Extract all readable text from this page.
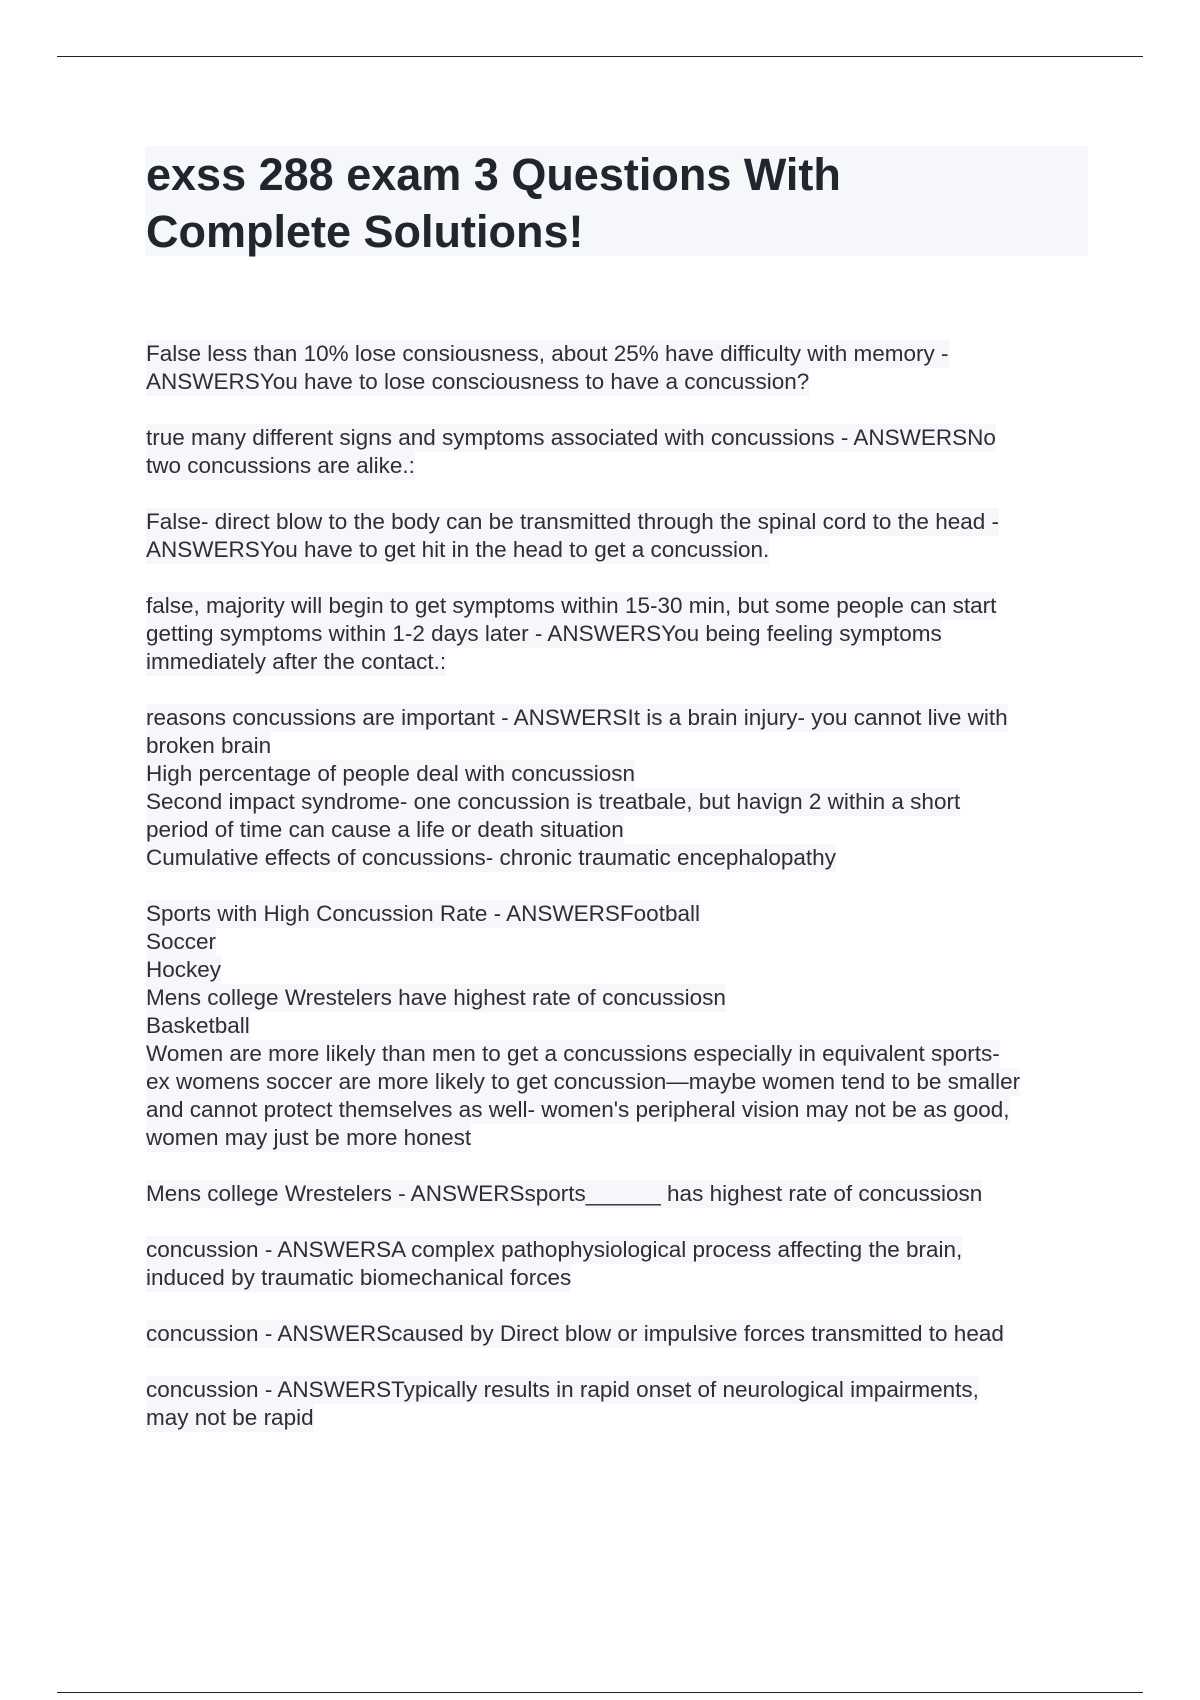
exss 288 exam 3 Questions With
Complete Solutions!
False less than 10% lose consiousness, about 25% have difficulty with memory -
ANSWERSYou have to lose consciousness to have a concussion?
true many different signs and symptoms associated with concussions - ANSWERSNo
two concussions are alike.:
False- direct blow to the body can be transmitted through the spinal cord to the head -
ANSWERSYou have to get hit in the head to get a concussion.
false, majority will begin to get symptoms within 15-30 min, but some people can start
getting symptoms within 1-2 days later - ANSWERSYou being feeling symptoms
immediately after the contact.:
reasons concussions are important - ANSWERSIt is a brain injury- you cannot live with
broken brain
High percentage of people deal with concussiosn
Second impact syndrome- one concussion is treatbale, but havign 2 within a short
period of time can cause a life or death situation
Cumulative effects of concussions- chronic traumatic encephalopathy
Sports with High Concussion Rate - ANSWERSFootball
Soccer
Hockey
Mens college Wrestelers have highest rate of concussiosn
Basketball
Women are more likely than men to get a concussions especially in equivalent sports-
ex womens soccer are more likely to get concussion—maybe women tend to be smaller
and cannot protect themselves as well- women's peripheral vision may not be as good,
women may just be more honest
Mens college Wrestelers - ANSWERSsports______ has highest rate of concussiosn
concussion - ANSWERSA complex pathophysiological process affecting the brain,
induced by traumatic biomechanical forces
concussion - ANSWERScaused by Direct blow or impulsive forces transmitted to head
concussion - ANSWERSTypically results in rapid onset of neurological impairments,
may not be rapid
